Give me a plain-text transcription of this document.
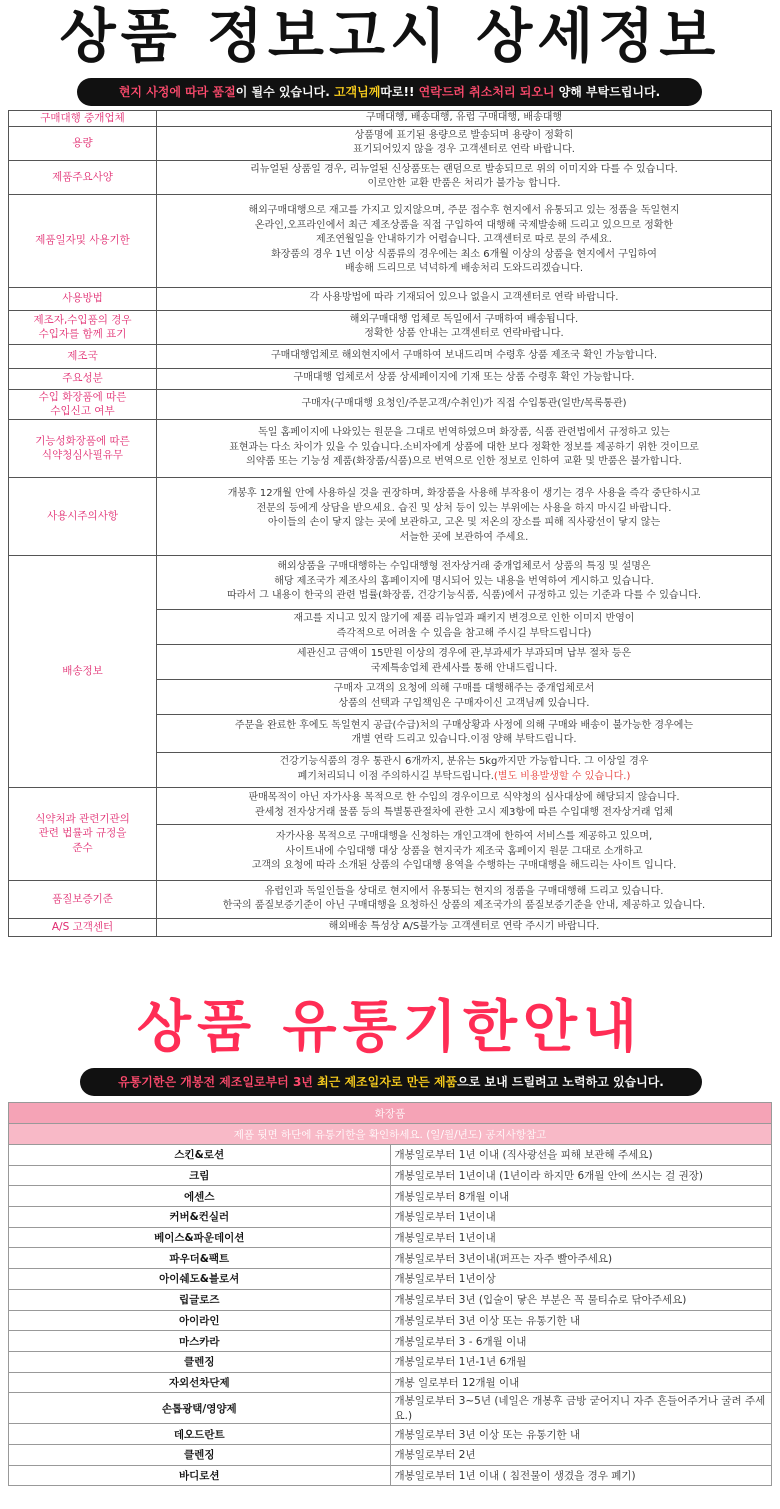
상품 정보고시 상세정보
현지 사정에 따라 품절이 될수 있습니다. 고객님께따로!! 연락드려 취소처리 되오니 양해 부탁드립니다.
구매대행 중개업체	구매대행, 배송대행, 유럽 구매대행, 배송대행
용량	상품명에 표기된 용량으로 발송되며 용량이 정확히
표기되어있지 않을 경우 고객센터로 연락 바랍니다.
제품주요사양	리뉴얼된 상품일 경우, 리뉴얼된 신상품또는 랜덤으로 발송되므로 위의 이미지와 다를 수 있습니다.
이로안한 교환 반품은 처리가 불가능 합니다.
제품일자및 사용기한	해외구매대행으로 재고를 가지고 있지않으며, 주문 접수후 현지에서 유통되고 있는 정품을 독일현지
온라인,오프라인에서 최근 제조상품을 직접 구입하여 대행해 국제발송해 드리고 있으므로 정확한
제조연월일을 안내하기가 어렵습니다. 고객센터로 따로 문의 주세요.
화장품의 경우 1년 이상 식품류의 경우에는 최소 6개월 이상의 상품을 현지에서 구입하여
배송해 드리므로 넉넉하게 배송처리 도와드리겠습니다.
사용방법	각 사용방법에 따라 기재되어 있으나 없을시 고객센터로 연락 바랍니다.
제조자,수입품의 경우
수입자를 함께 표기	해외구매대행 업체로 독일에서 구매하여 배송됩니다.
정확한 상품 안내는 고객센터로 연락바랍니다.
제조국	구매대행업체로 해외현지에서 구매하여 보내드리며 수령후 상품 제조국 확인 가능합니다.
주요성분	구매대행 업체로서 상품 상세페이지에 기재 또는 상품 수령후 확인 가능합니다.
수입 화장품에 따른
수입신고 여부	구매자(구매대행 요청인/주문고객/수취인)가 직접 수입통관(일반/목록통관)
기능성화장품에 따른
식약청심사필유무	독일 홈페이지에 나와있는 원문을 그대로 번역하였으며 화장품, 식품 관련법에서 규정하고 있는
표현과는 다소 차이가 있을 수 있습니다.소비자에게 상품에 대한 보다 정확한 정보를 제공하기 위한 것이므로
의약품 또는 기능성 제품(화장품/식품)으로 번역으로 인한 정보로 인하여 교환 및 반품은 불가합니다.
사용시주의사항	개봉후 12개월 안에 사용하실 것을 권장하며, 화장품을 사용해 부작용이 생기는 경우 사용을 즉각 중단하시고
전문의 등에게 상담을 받으세요. 습진 및 상처 등이 있는 부위에는 사용을 하지 마시길 바랍니다.
아이들의 손이 닿지 않는 곳에 보관하고, 고온 및 저온의 장소를 피해 직사광선이 닿지 않는
서늘한 곳에 보관하여 주세요.
배송정보	해외상품을 구매대행하는 수입대행형 전자상거래 중개업체로서 상품의 특징 및 설명은
해당 제조국가 제조사의 홈페이지에 명시되어 있는 내용을 번역하여 게시하고 있습니다.
따라서 그 내용이 한국의 관련 법률(화장품, 건강기능식품, 식품)에서 규정하고 있는 기준과 다를 수 있습니다.
	재고를 지니고 있지 않기에 제품 리뉴얼과 패키지 변경으로 인한 이미지 반영이
즉각적으로 어려울 수 있음을 참고해 주시길 부탁드립니다)
	세관신고 금액이 15만원 이상의 경우에 관,부과세가 부과되며 납부 절차 등은
국제특송업체 관세사를 통해 안내드립니다.
	구매자 고객의 요청에 의해 구매를 대행해주는 중개업체로서
상품의 선택과 구입책임은 구매자이신 고객님께 있습니다.
	주문을 완료한 후에도 독일현지 공급(수급)처의 구매상황과 사정에 의해 구매와 배송이 불가능한 경우에는
개별 연락 드리고 있습니다.이점 양해 부탁드립니다.
	건강기능식품의 경우 통관시 6개까지, 분유는 5kg까지만 가능합니다. 그 이상일 경우
폐기처리되니 이점 주의하시길 부탁드립니다.(별도 비용발생할 수 있습니다.)
식약처과 관련기관의
관련 법률과 규정을
준수	판매목적이 아닌 자가사용 목적으로 한 수입의 경우이므로 식약청의 심사대상에 해당되지 않습니다.
관세청 전자상거래 물품 등의 특별통관절차에 관한 고시 제3항에 따른 수입대행 전자상거래 업체
	자가사용 목적으로 구매대행을 신청하는 개인고객에 한하여 서비스를 제공하고 있으며,
사이트내에 수입대행 대상 상품을 현지국가 제조국 홈페이지 원문 그대로 소개하고
고객의 요청에 따라 소개된 상품의 수입대행 용역을 수행하는 구매대행을 해드리는 사이트 입니다.
품질보증기준	유럽인과 독일인들을 상대로 현지에서 유통되는 현지의 정품을 구매대행해 드리고 있습니다.
한국의 품질보증기준이 아닌 구매대행을 요청하신 상품의 제조국가의 품질보증기준을 안내, 제공하고 있습니다.
A/S 고객센터	해외배송 특성상 A/S불가능 고객센터로 연락 주시기 바랍니다.
상품 유통기한안내
유통기한은 개봉전 제조일로부터 3년 최근 제조일자로 만든 제품으로 보내 드릴려고 노력하고 있습니다.
화장품	
제품 뒷면 하단에 유통기한을 확인하세요. (일/월/년도) 공지사항참고	
스킨&로션	개봉일로부터 1년 이내 (직사광선을 피해 보관해 주세요)
크림	개봉일로부터 1년이내 (1년이라 하지만 6개월 안에 쓰시는 걸 권장)
에센스	개봉일로부터 8개월 이내
커버&컨실러	개봉일로부터 1년이내
베이스&파운데이션	개봉일로부터 1년이내
파우더&팩트	개봉일로부터 3년이내(퍼프는 자주 빨아주세요)
아이쉐도&블로셔	개봉일로부터 1년이상
립글로즈	개봉일로부터 3년 (입술이 닿은 부분은 꼭 물티슈로 닦아주세요)
아이라인	개봉일로부터 3년 이상 또는 유통기한 내
마스카라	개봉일로부터 3 - 6개월 이내
클렌징	개봉일로부터 1년-1년 6개월
자외선차단제	개봉 일로부터 12개월 이내
손톱광택/영양제	개봉일로부터 3~5년 (네일은 개봉후 금방 굳어지니 자주 흔들어주거나 굴려 주세요.)
데오드란트	개봉일로부터 3년 이상 또는 유통기한 내
클렌징	개봉일로부터 2년
바디로션	개봉일로부터 1년 이내 ( 침전물이 생겼을 경우 폐기)
